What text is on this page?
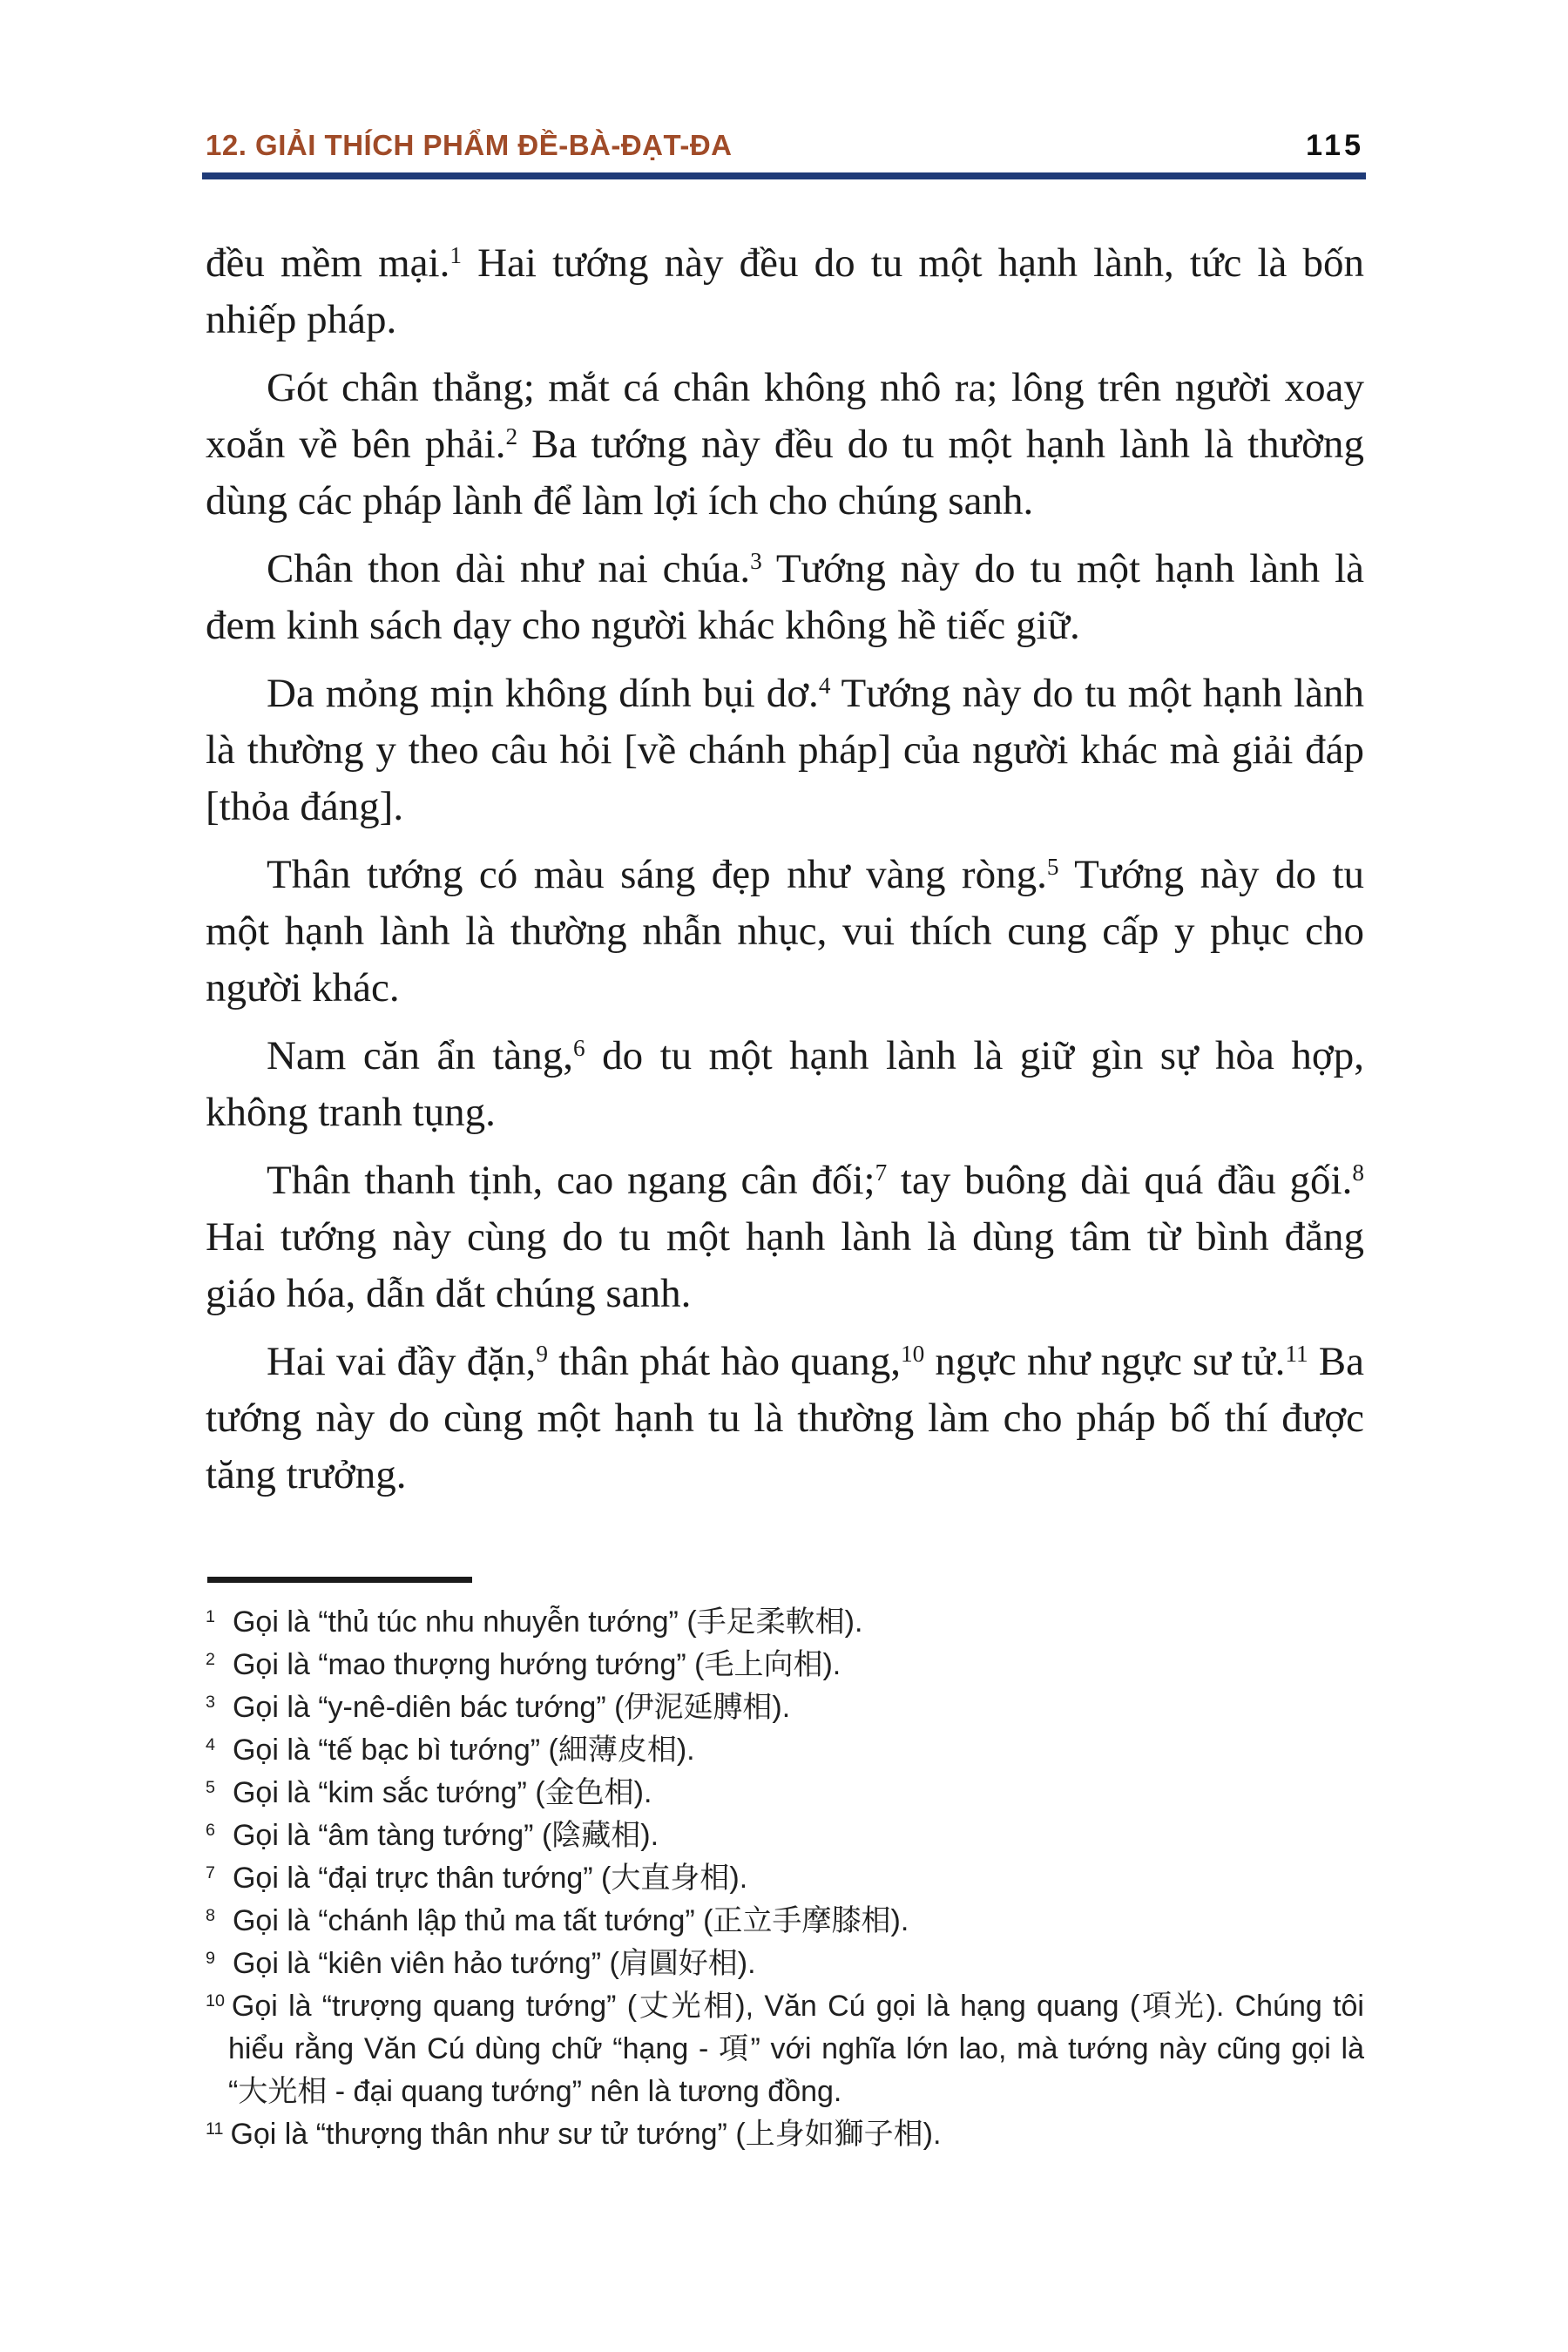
12. GIẢI THÍCH PHẨM ĐỀ-BÀ-ĐẠT-ĐA	115

đều mềm mại.$^1$ Hai tướng này đều do tu một hạnh lành, tức là bốn nhiếp pháp.

Gót chân thẳng; mắt cá chân không nhô ra; lông trên người xoay xoắn về bên phải.$^2$ Ba tướng này đều do tu một hạnh lành là thường dùng các pháp lành để làm lợi ích cho chúng sanh.

Chân thon dài như nai chúa.$^3$ Tướng này do tu một hạnh lành là đem kinh sách dạy cho người khác không hề tiếc giữ.

Da mỏng mịn không dính bụi dơ.$^4$ Tướng này do tu một hạnh lành là thường y theo câu hỏi [về chánh pháp] của người khác mà giải đáp [thỏa đáng].

Thân tướng có màu sáng đẹp như vàng ròng.$^5$ Tướng này do tu một hạnh lành là thường nhẫn nhục, vui thích cung cấp y phục cho người khác.

Nam căn ẩn tàng,$^6$ do tu một hạnh lành là giữ gìn sự hòa hợp, không tranh tụng.

Thân thanh tịnh, cao ngang cân đối;$^7$ tay buông dài quá đầu gối.$^8$ Hai tướng này cùng do tu một hạnh lành là dùng tâm từ bình đẳng giáo hóa, dẫn dắt chúng sanh.

Hai vai đầy đặn,$^9$ thân phát hào quang,$^{10}$ ngực như ngực sư tử.$^{11}$ Ba tướng này do cùng một hạnh tu là thường làm cho pháp bố thí được tăng trưởng.

$^1$ Gọi là “thủ túc nhu nhuyễn tướng” (手足柔軟相).

$^2$ Gọi là “mao thượng hướng tướng” (毛上向相).

$^3$ Gọi là “y-nê-diên bác tướng” (伊泥延膊相).

$^4$ Gọi là “tế bạc bì tướng” (細薄皮相).

$^5$ Gọi là “kim sắc tướng” (金色相).

$^6$ Gọi là “âm tàng tướng” (陰藏相).

$^7$ Gọi là “đại trực thân tướng” (大直身相).

$^8$ Gọi là “chánh lập thủ ma tất tướng” (正立手摩膝相).

$^9$ Gọi là “kiên viên hảo tướng” (肩圓好相).

$^{10}$ Gọi là “trượng quang tướng” (丈光相), Văn Cú gọi là hạng quang (項光). Chúng tôi hiểu rằng Văn Cú dùng chữ “hạng - 項” với nghĩa lớn lao, mà tướng này cũng gọi là “大光相 - đại quang tướng” nên là tương đồng.

$^{11}$ Gọi là “thượng thân như sư tử tướng” (上身如獅子相).
